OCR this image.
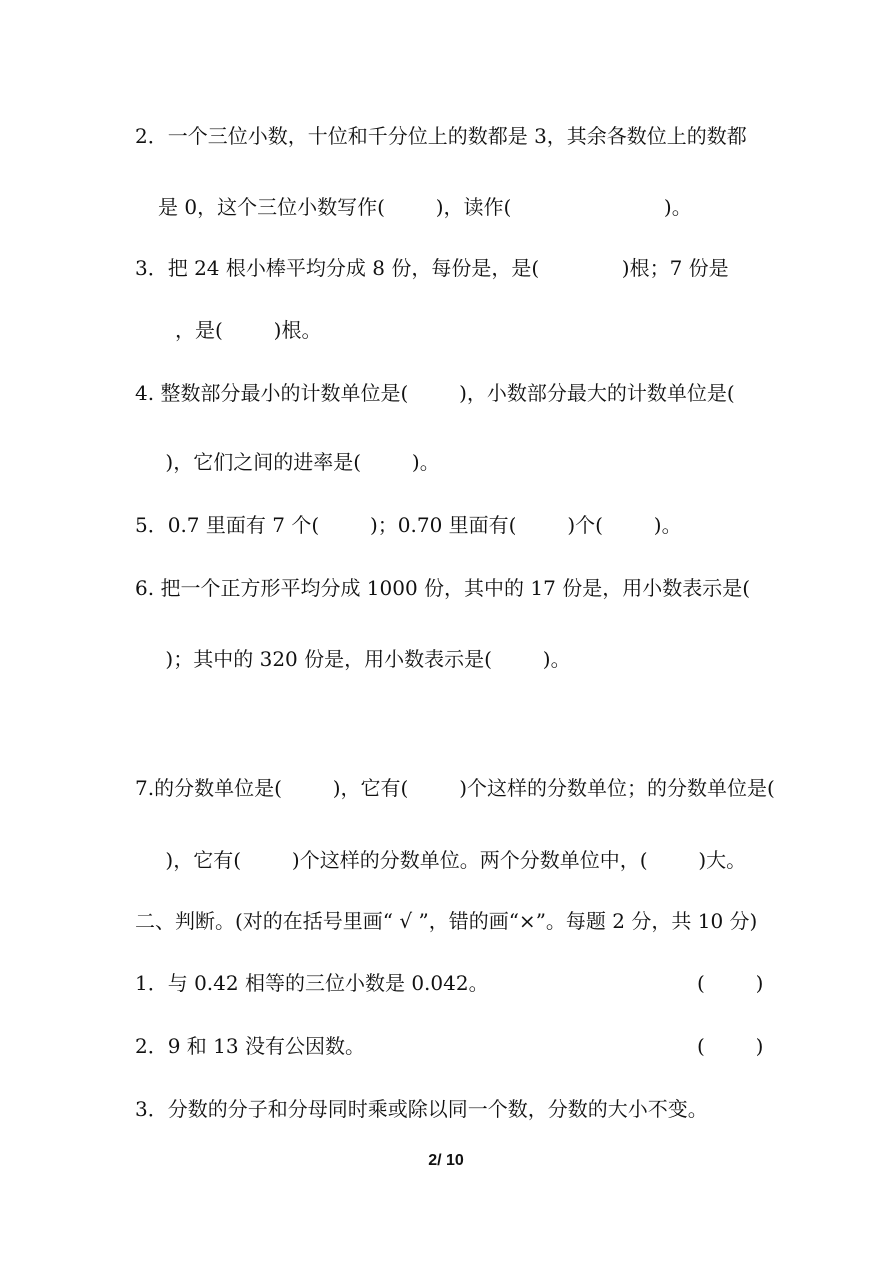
2．一个三位小数，十位和千分位上的数都是 3，其余各数位上的数都
是 0，这个三位小数写作(        )，读作(                        )。
3．把 24 根小棒平均分成 8 份，每份是，是(             )根；7 份是
，是(        )根。
4. 整数部分最小的计数单位是(        )，小数部分最大的计数单位是(
)，它们之间的进率是(        )。
5．0.7 里面有 7 个(        )；0.70 里面有(        )个(        )。
6. 把一个正方形平均分成 1000 份，其中的 17 份是，用小数表示是(
)；其中的 320 份是，用小数表示是(        )。
7.的分数单位是(        )，它有(        )个这样的分数单位；的分数单位是(
)，它有(        )个这样的分数单位。两个分数单位中，(        )大。
二、判断。(对的在括号里画“ √ ”，错的画“×”。每题 2 分，共 10 分)
1．与 0.42 相等的三位小数是 0.042。	(        )
2．9 和 13 没有公因数。	(        )
3．分数的分子和分母同时乘或除以同一个数，分数的大小不变。
2/ 10
